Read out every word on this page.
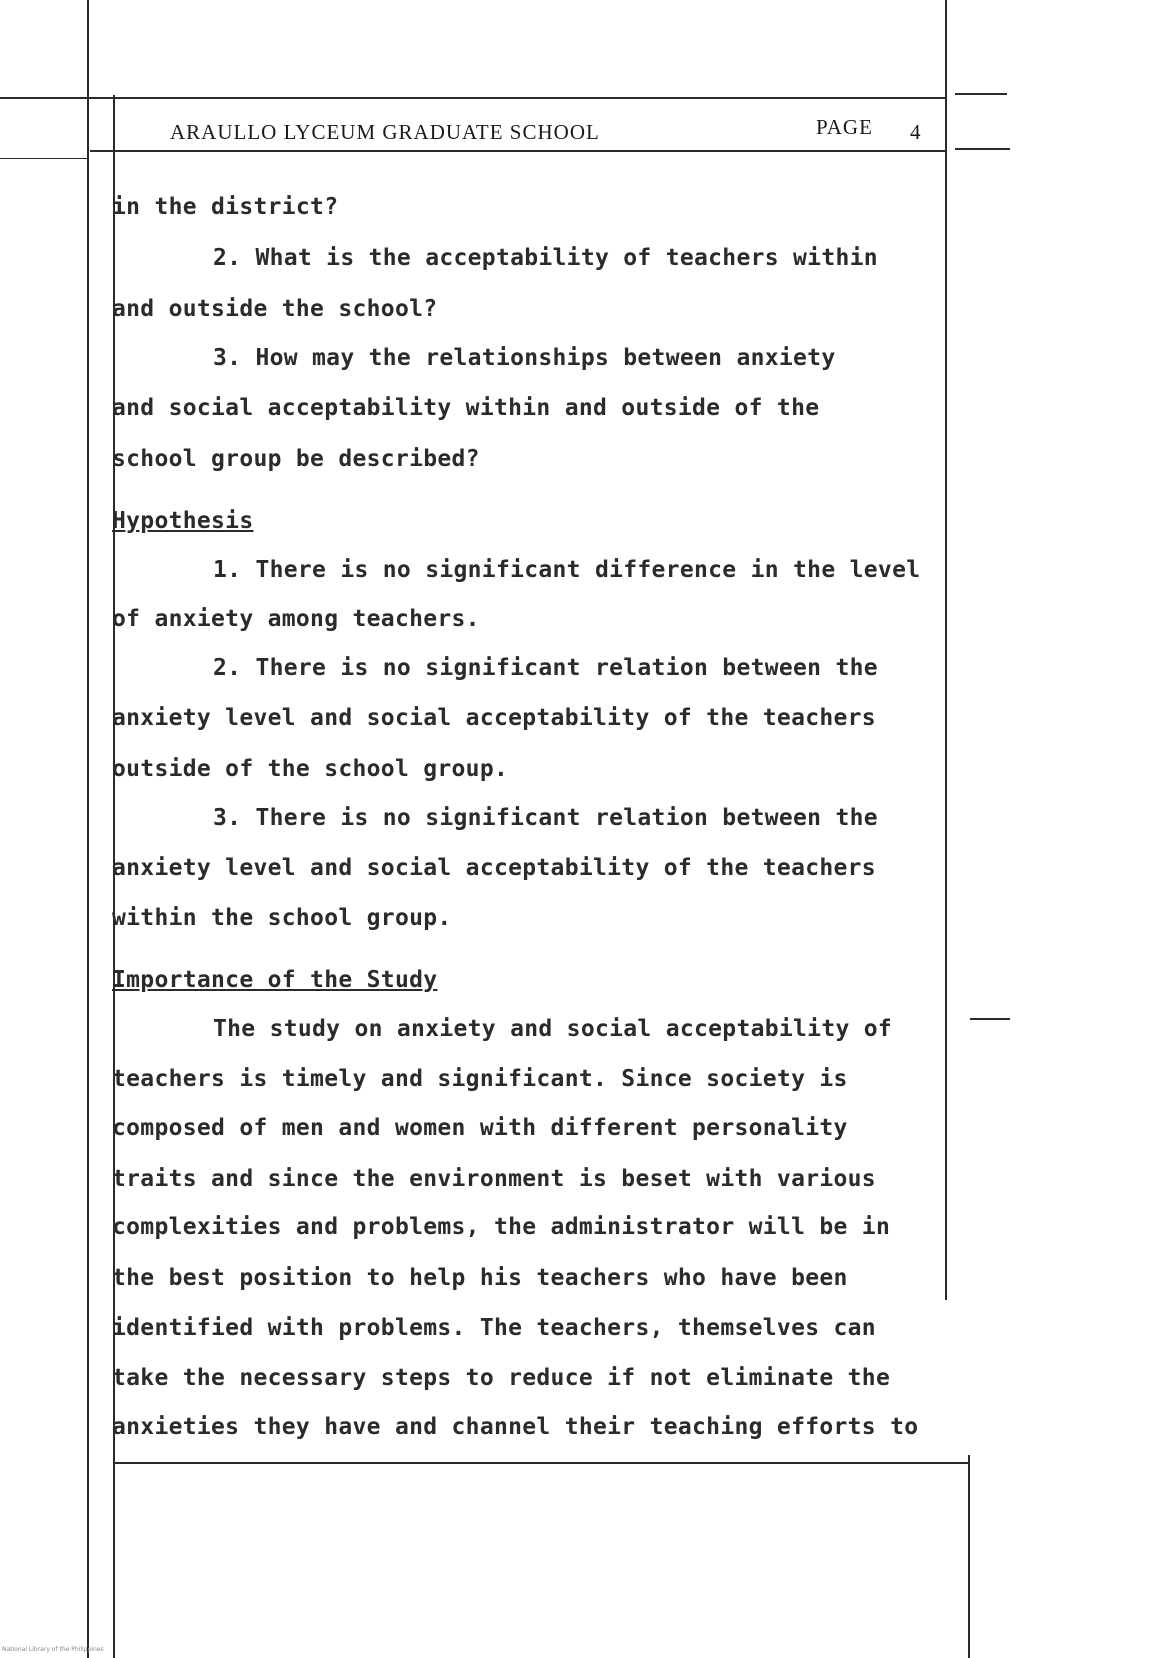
ARAULLO LYCEUM GRADUATE SCHOOL	PAGE 4
in the district?
2. What is the acceptability of teachers within
and outside the school?
3. How may the relationships between anxiety
and social acceptability within and outside of the
school group be described?
Hypothesis
1. There is no significant difference in the level
of anxiety among teachers.
2. There is no significant relation between the
anxiety level and social acceptability of the teachers
outside of the school group.
3. There is no significant relation between the
anxiety level and social acceptability of the teachers
within the school group.
Importance of the Study
The study on anxiety and social acceptability of
teachers is timely and significant. Since society is
composed of men and women with different personality
traits and since the environment is beset with various
complexities and problems, the administrator will be in
the best position to help his teachers who have been
identified with problems. The teachers, themselves can
take the necessary steps to reduce if not eliminate the
anxieties they have and channel their teaching efforts to
National Library of the Philippines
